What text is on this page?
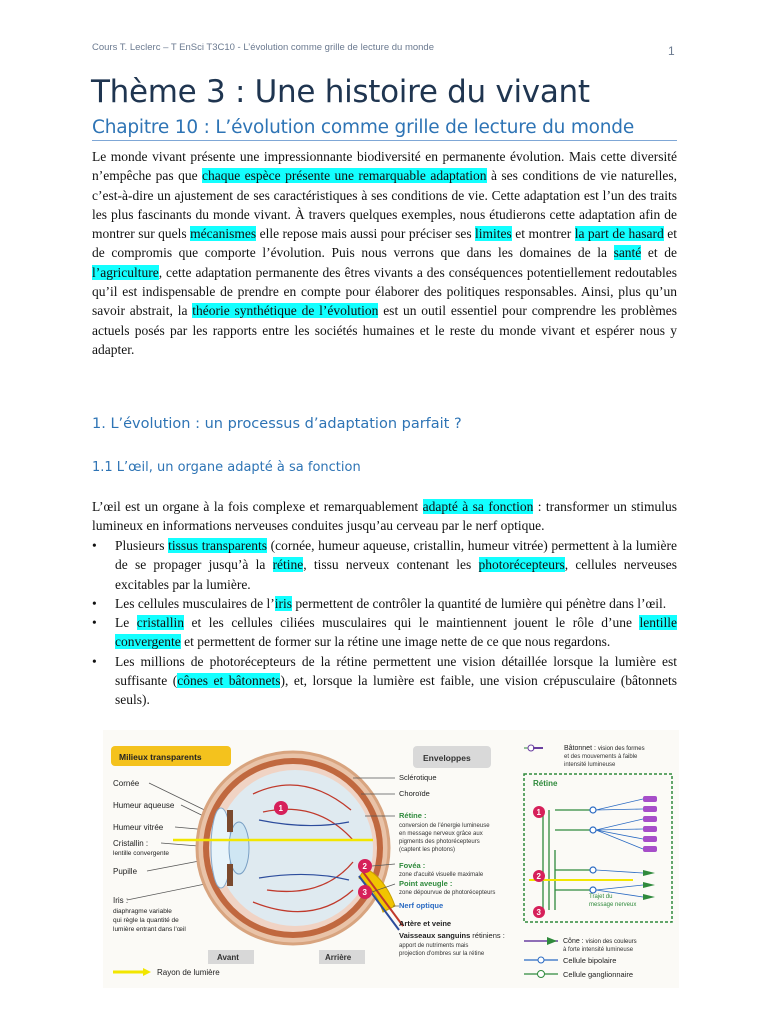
Cours T. Leclerc – T EnSci T3C10 - L’évolution comme grille de lecture du monde	1
Thème 3 : Une histoire du vivant
Chapitre 10 : L’évolution comme grille de lecture du monde

Le monde vivant présente une impressionnante biodiversité en permanente évolution. Mais cette diversité n’empêche pas que chaque espèce présente une remarquable adaptation à ses conditions de vie naturelles, c’est-à-dire un ajustement de ses caractéristiques à ses conditions de vie. Cette adaptation est l’un des traits les plus fascinants du monde vivant. À travers quelques exemples, nous étudierons cette adaptation afin de montrer sur quels mécanismes elle repose mais aussi pour préciser ses limites et montrer la part de hasard et de compromis que comporte l’évolution. Puis nous verrons que dans les domaines de la santé et de l’agriculture, cette adaptation permanente des êtres vivants a des conséquences potentiellement redoutables qu’il est indispensable de prendre en compte pour élaborer des politiques responsables. Ainsi, plus qu’un savoir abstrait, la théorie synthétique de l’évolution est un outil essentiel pour comprendre les problèmes actuels posés par les rapports entre les sociétés humaines et le reste du monde vivant et espérer nous y adapter.

1. L’évolution : un processus d’adaptation parfait ?
1.1 L’œil, un organe adapté à sa fonction

L’œil est un organe à la fois complexe et remarquablement adapté à sa fonction : transformer un stimulus lumineux en informations nerveuses conduites jusqu’au cerveau par le nerf optique.

• Plusieurs tissus transparents (cornée, humeur aqueuse, cristallin, humeur vitrée) permettent à la lumière de se propager jusqu’à la rétine, tissu nerveux contenant les photorécepteurs, cellules nerveuses excitables par la lumière.
• Les cellules musculaires de l’iris permettent de contrôler la quantité de lumière qui pénètre dans l’œil.
• Le cristallin et les cellules ciliées musculaires qui le maintiennent jouent le rôle d’une lentille convergente et permettent de former sur la rétine une image nette de ce que nous regardons.
• Les millions de photorécepteurs de la rétine permettent une vision détaillée lorsque la lumière est suffisante (cônes et bâtonnets), et, lorsque la lumière est faible, une vision crépusculaire (bâtonnets seuls).
Milieux transparents
Cornée
Humeur aqueuse
Humeur vitrée
Cristallin :
lentille convergente
Pupille
Iris :
diaphragme variable
qui règle la quantité de
lumière entrant dans l'œil
Rayon de lumière
Avant	Arrière
1
2
3
Enveloppes
Sclérotique
Choroïde
Rétine :
Fovéa :
Point aveugle :
conversion de l'énergie lumineuse
en message nerveux grâce aux
pigments des photorécepteurs
(captent les photons)
zone d'acuité visuelle maximale
zone dépourvue de photorécepteurs
Nerf optique
Artère et veine
Vaisseaux sanguins rétiniens :
apport de nutriments mais
projection d'ombres sur la rétine
Bâtonnet : vision des formes
et des mouvements à faible
intensité lumineuse
Rétine
1
2
3
Trajet du
message nerveux
Cône : vision des couleurs
à forte intensité lumineuse
Cellule bipolaire
Cellule ganglionnaire
